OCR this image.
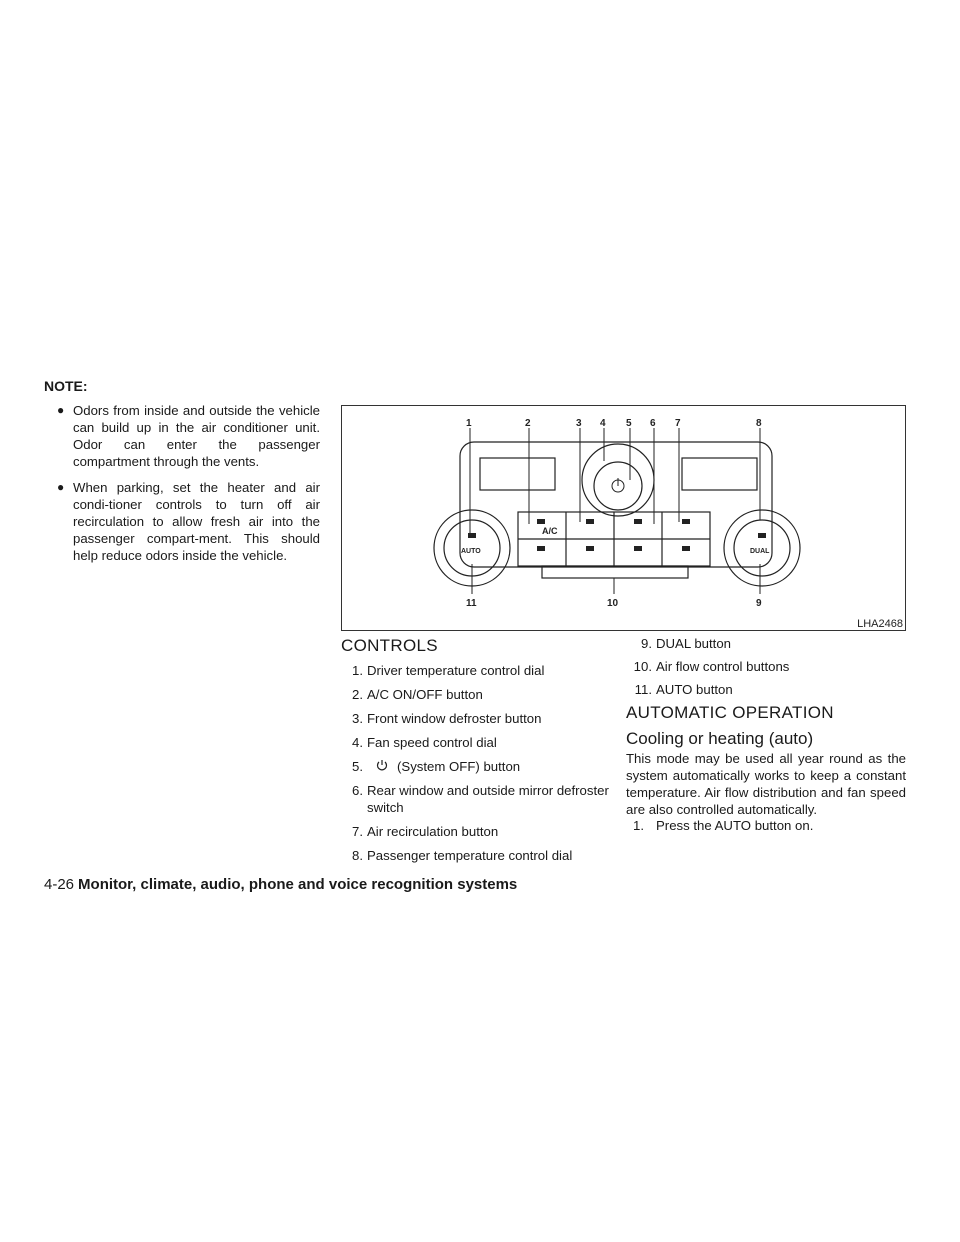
NOTE:
● Odors from inside and outside the vehicle can build up in the air conditioner unit. Odor can enter the passenger compartment through the vents.
● When parking, set the heater and air condi-tioner controls to turn off air recirculation to allow fresh air into the passenger compart-ment. This should help reduce odors inside the vehicle.
A/C
AUTO	DUAL
1	2	3 4 5 6 7	8
9
10
11
LHA2468
CONTROLS
1. Driver temperature control dial
2. A/C ON/OFF button
3. Front window defroster button
4. Fan speed control dial
5.	(System OFF) button
6. Rear window and outside mirror defroster switch
7. Air recirculation button
8. Passenger temperature control dial
9. DUAL button
10. Air flow control buttons
11. AUTO button
AUTOMATIC OPERATION
Cooling or heating (auto)
This mode may be used all year round as the system automatically works to keep a constant temperature. Air flow distribution and fan speed are also controlled automatically.
1. Press the AUTO button on.
4-26 Monitor, climate, audio, phone and voice recognition systems
